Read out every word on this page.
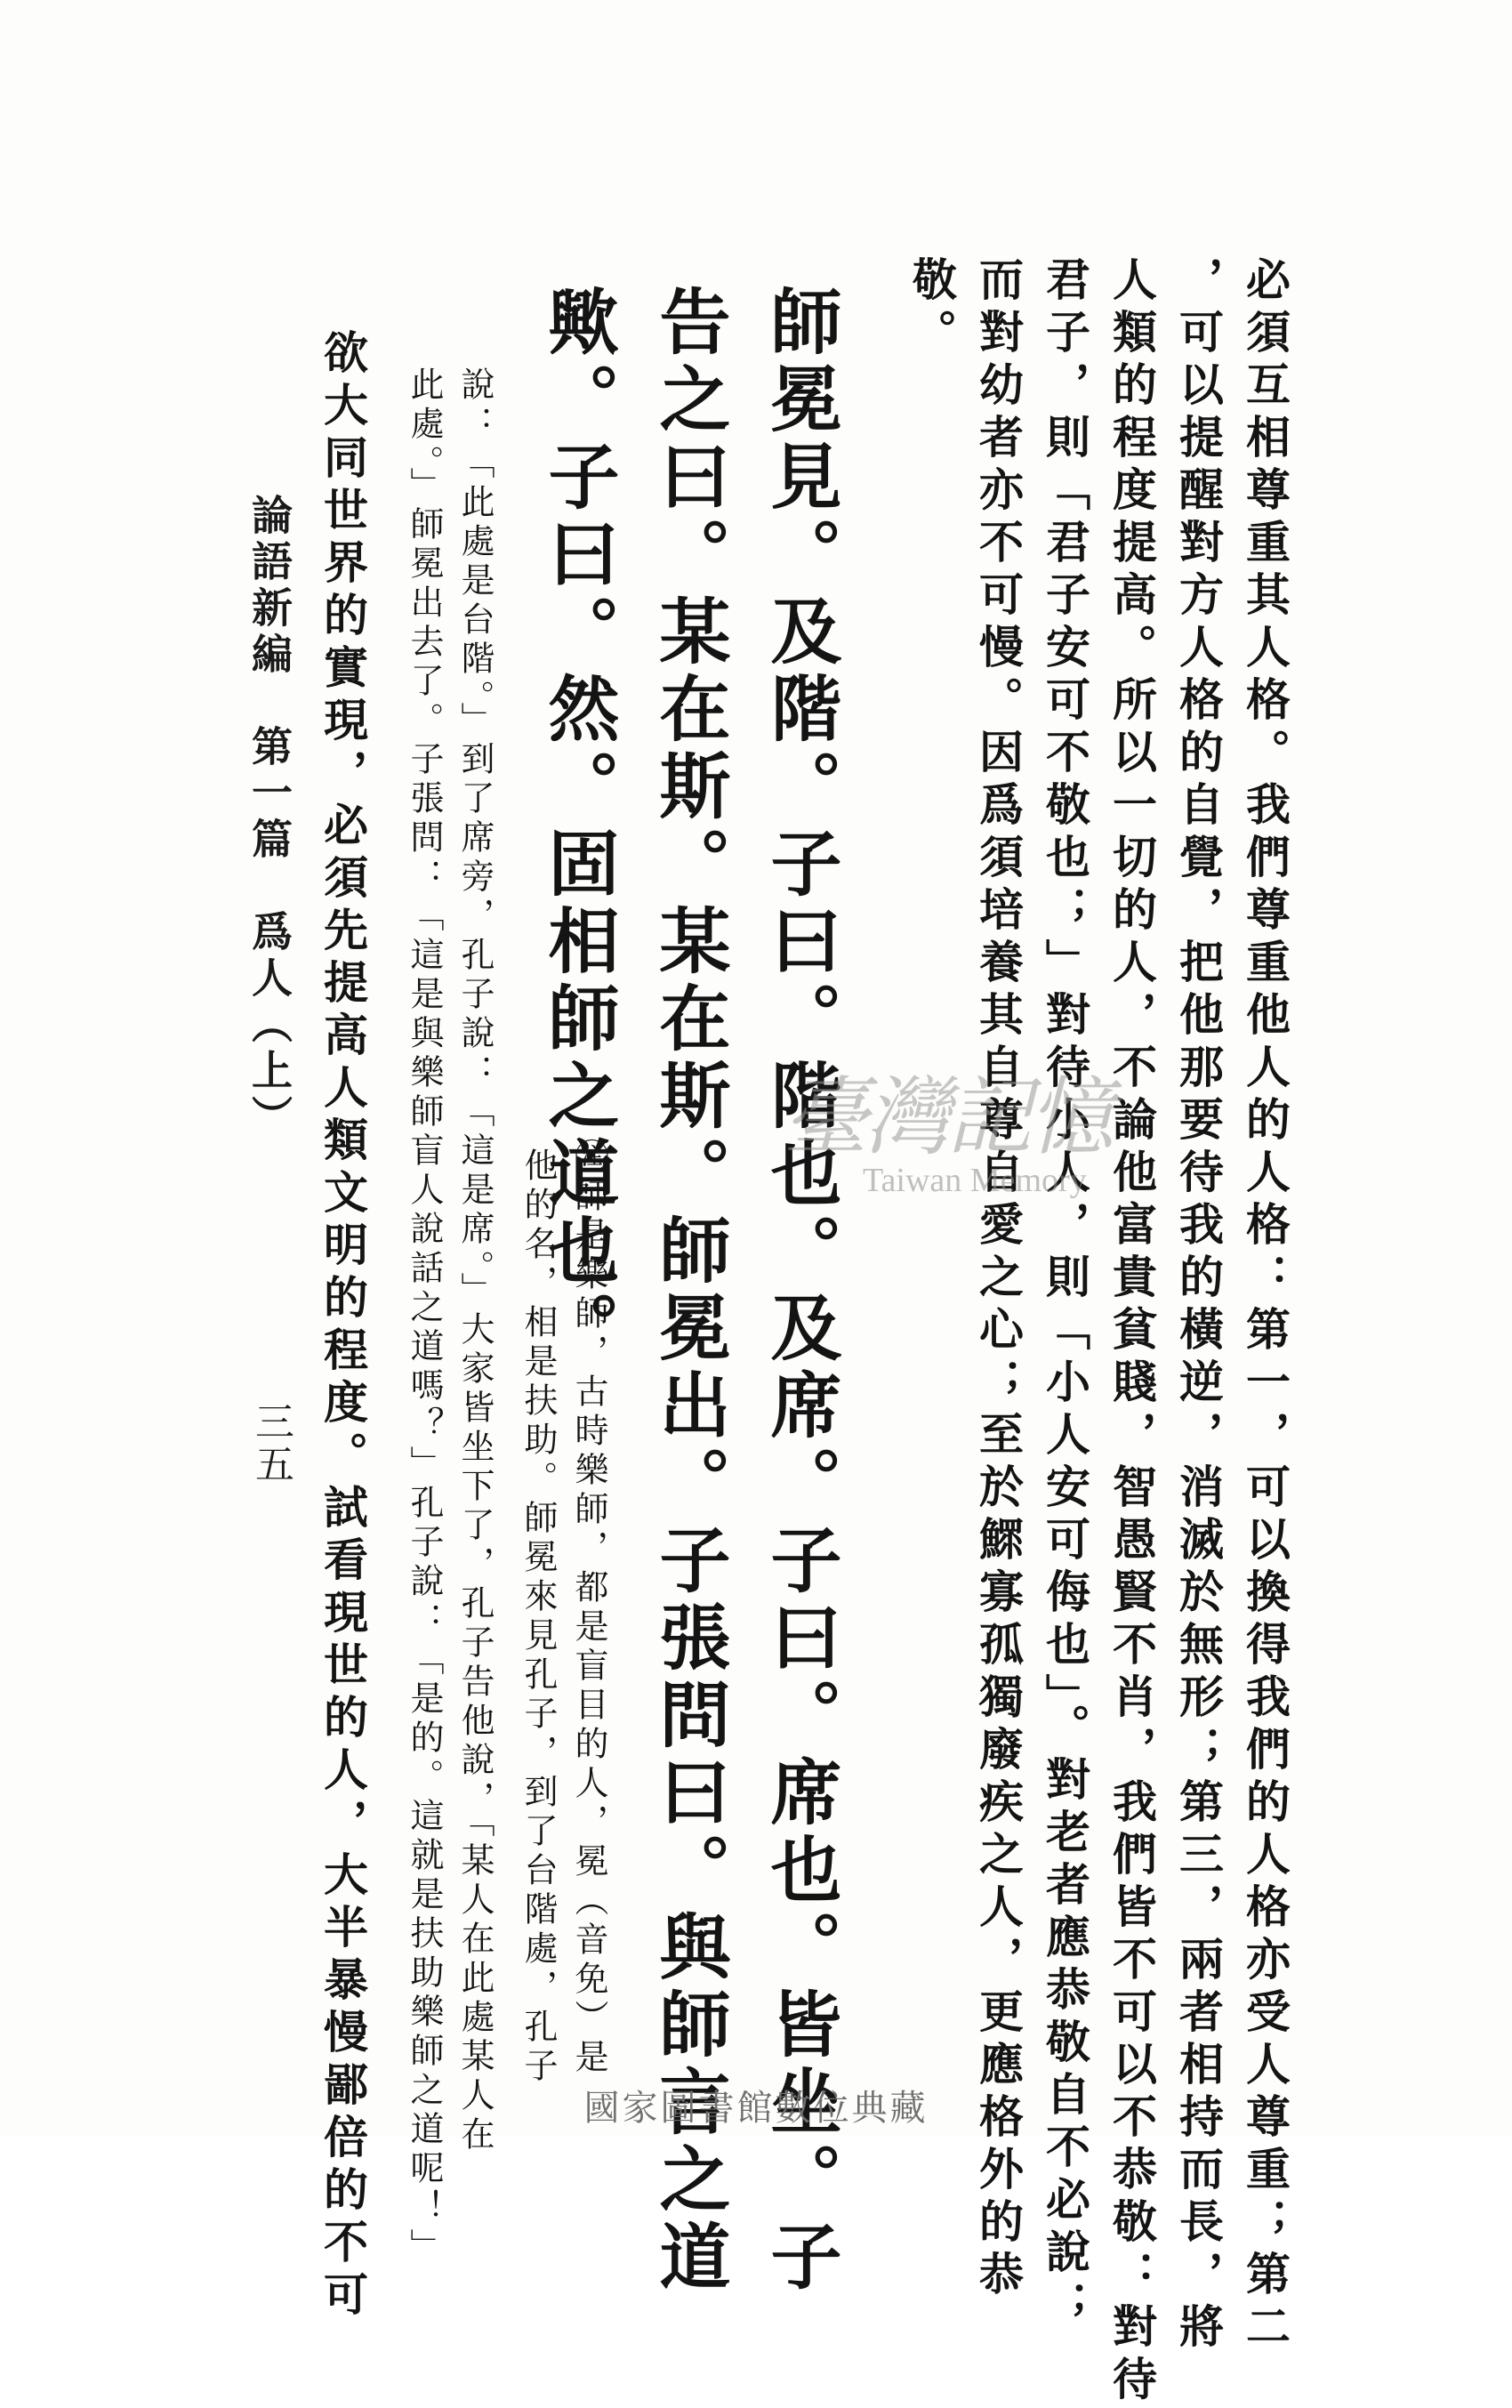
必須互相尊重其人格。我們尊重他人的人格：第一，可以換得我們的人格亦受人尊重；第二
，可以提醒對方人格的自覺，把他那要待我的橫逆，消滅於無形；第三，兩者相持而長，將
人類的程度提高。所以一切的人，不論他富貴貧賤，智愚賢不肖，我們皆不可以不恭敬：對待
君子，則「君子安可不敬也；」對待小人，則「小人安可侮也」。對老者應恭敬自不必說；
而對幼者亦不可慢。因爲須培養其自尊自愛之心；至於鰥寡孤獨廢疾之人，更應格外的恭
敬。
師冕見。及階。子曰。階也。及席。子曰。席也。皆坐。子
告之曰。某在斯。某在斯。師冕出。子張問曰。與師言之道
歟。子曰。然。固相師之道也。
㊟師是樂師，古時樂師，都是盲目的人，冕（音免）是
他的名，相是扶助。師冕來見孔子，到了台階處，孔子
說：「此處是台階。」到了席旁，孔子說：「這是席。」大家皆坐下了，孔子告他說，「某人在此處某人在
此處。」師冕出去了。子張問：「這是與樂師盲人說話之道嗎？」孔子說：「是的。這就是扶助樂師之道呢！」
欲大同世界的實現，必須先提高人類文明的程度。試看現世的人，大半暴慢鄙倍的不可
論語新編　第一篇　爲人（上）
三五
臺灣記憶
Taiwan Memory
國家圖書館數位典藏
